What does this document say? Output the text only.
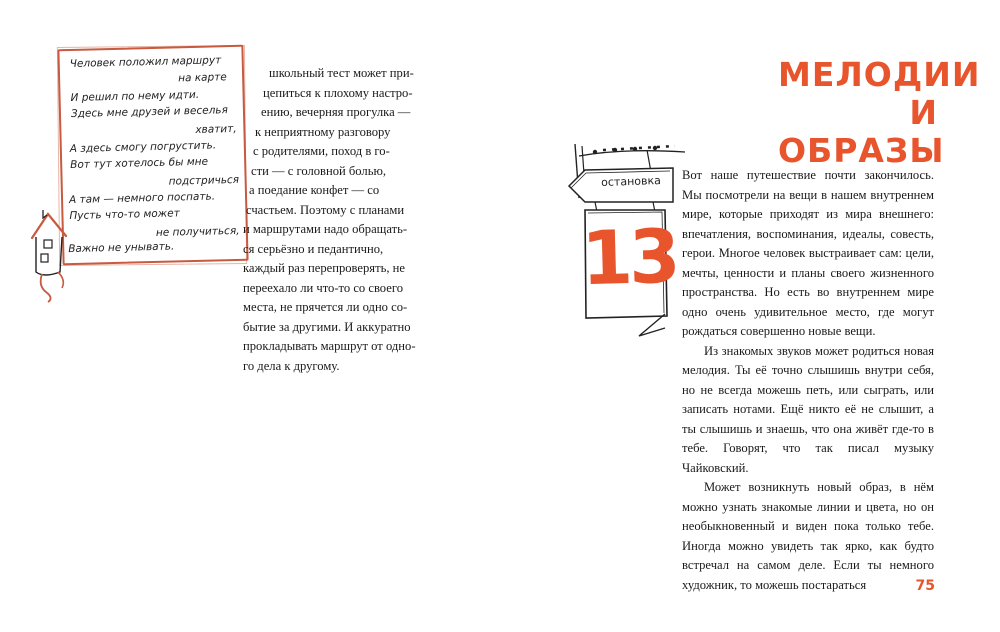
Человек положил маршрут
на карте
И решил по нему идти.
Здесь мне друзей и веселья
хватит,
А здесь смогу погрустить.
Вот тут хотелось бы мне
подстричься
А там — немного поспать.
Пусть что-то может
не получиться,
Важно не унывать.

школьный тест может при-

цепиться к плохому настро-

ению, вечерняя прогулка —

к неприятному разговору

с родителями, поход в го-

сти — с головной болью,

а поедание конфет — со

счастьем. Поэтому с планами

и маршрутами надо обращать-

ся серьёзно и педантично,

каждый раз перепроверять, не

переехало ли что-то со своего

места, не прячется ли одно со-

бытие за другими. И аккуратно

прокладывать маршрут от одно-

го дела к другому.

МЕЛОДИИ
И ОБРАЗЫ
остановка
13

Вот наше путешествие почти закончилось. Мы посмотрели на вещи в нашем внутреннем мире, которые приходят из мира внешнего: впечатления, воспоминания, идеалы, совесть, герои. Многое человек выстраивает сам: цели, мечты, ценности и планы своего жизненного пространства. Но есть во внутреннем мире одно очень удивительное место, где могут рождаться совершенно новые вещи.

Из знакомых звуков может родиться новая мелодия. Ты её точно слышишь внутри себя, но не всегда можешь петь, или сыграть, или записать нотами. Ещё никто её не слышит, а ты слышишь и знаешь, что она живёт где-то в тебе. Говорят, что так писал музыку Чайковский.

Может возникнуть новый образ, в нём можно узнать знакомые линии и цвета, но он необыкновенный и виден пока только тебе. Иногда можно увидеть так ярко, как будто встречал на самом деле. Если ты немного художник, то можешь постараться	75
